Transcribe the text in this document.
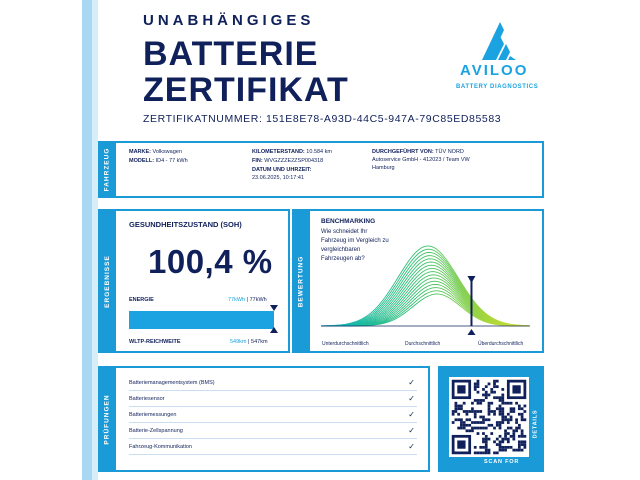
UNABHÄNGIGES
BATTERIE
ZERTIFIKAT
ZERTIFIKATNUMMER: 151E8E78-A93D-44C5-947A-79C85ED85583
AVILOO
BATTERY DIAGNOSTICS
FAHRZEUG	MARKE: Volkswagen
MODELL: ID4 - 77 kWh
KILOMETERSTAND: 10.584 km
FIN: WVGZZZE2ZSP004318
DATUM UND UHRZEIT:
23.06.2025, 10:17:41
DURCHGEFÜHRT VON: TÜV NORD
Autoservice GmbH - 412023 / Team VW
Hamburg
ERGEBNISSE
GESUNDHEITSZUSTAND (SOH)
100,4 %
ENERGIE	77kWh | 77kWh
WLTP-REICHWEITE	549km | 547km
BEWERTUNG
BENCHMARKING
Wie schneidet Ihr
Fahrzeug im Vergleich zu
vergleichbaren
Fahrzeugen ab?
Unterdurchschnittlich	Durchschnittlich	Überdurchschnittlich
PRÜFUNGEN
Batteriemanagementsystem (BMS)	✓
Batteriesensor	✓
Batteriemessungen	✓
Batterie-Zellspannung	✓
Fahrzeug-Kommunikation	✓
SCAN FOR
DETAILS
